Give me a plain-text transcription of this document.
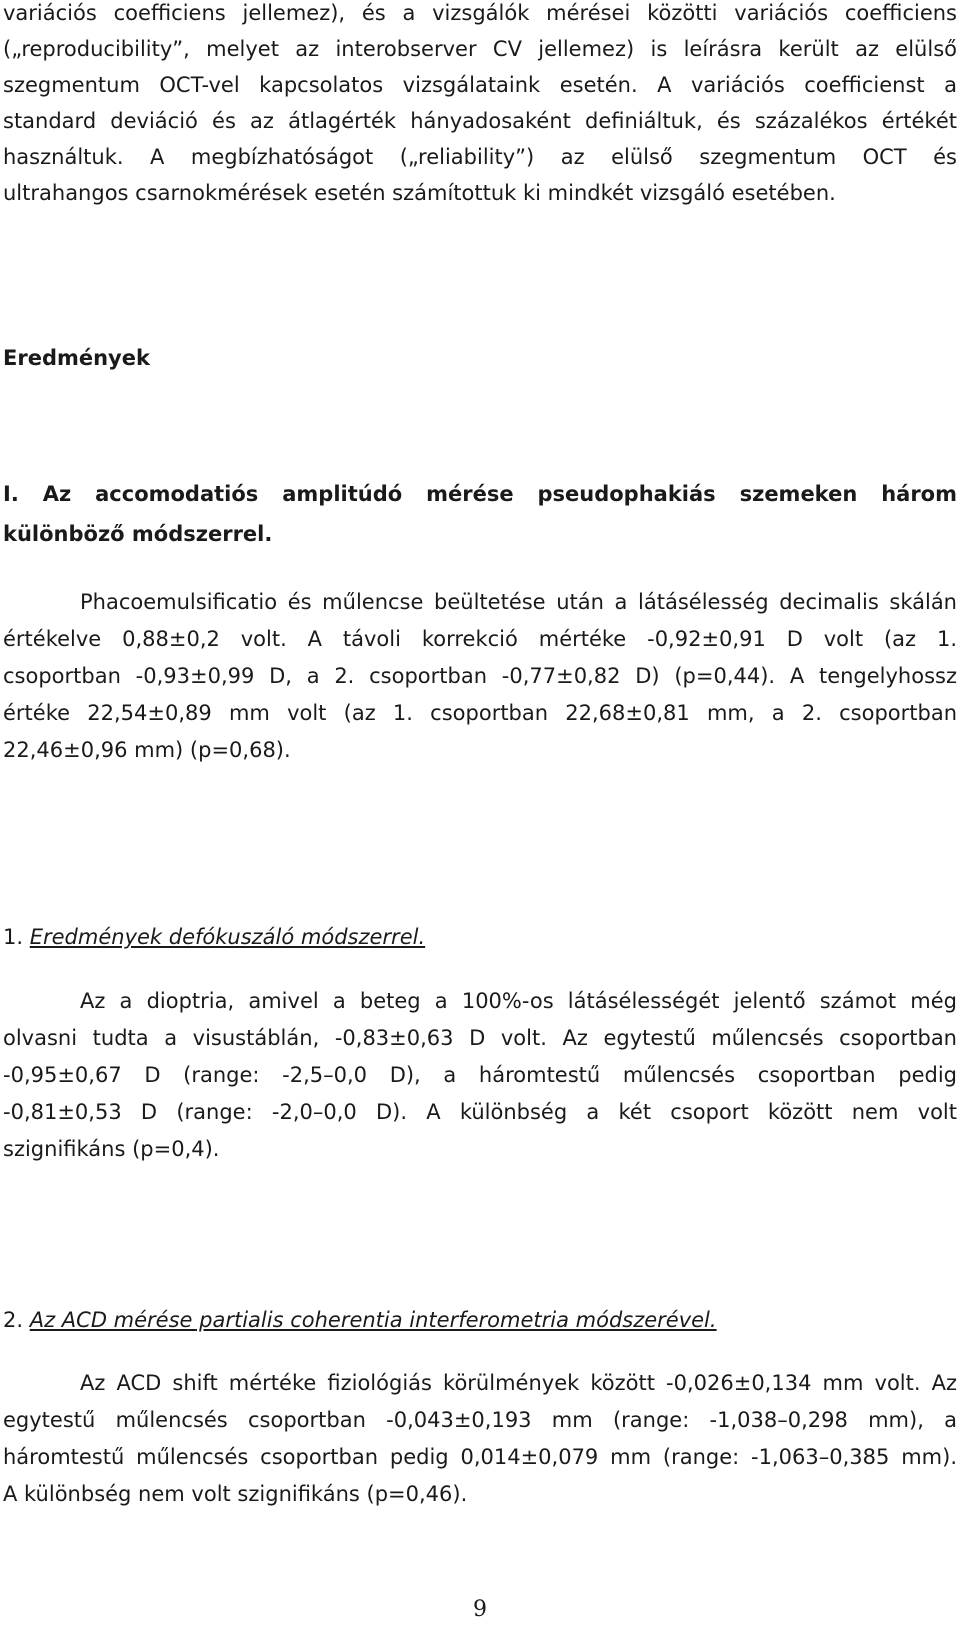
variációs coefficiens jellemez), és a vizsgálók mérései közötti variációs coefficiens
(„reproducibility”, melyet az interobserver CV jellemez) is leírásra került az elülső
szegmentum OCT-vel kapcsolatos vizsgálataink esetén. A variációs coefficienst a
standard deviáció és az átlagérték hányadosaként definiáltuk, és százalékos értékét
használtuk. A megbízhatóságot („reliability”) az elülső szegmentum OCT és
ultrahangos csarnokmérések esetén számítottuk ki mindkét vizsgáló esetében.
Eredmények
I. Az accomodatiós amplitúdó mérése pseudophakiás szemeken három
különböző módszerrel.
Phacoemulsificatio és műlencse beültetése után a látásélesség decimalis skálán
értékelve 0,88±0,2 volt. A távoli korrekció mértéke -0,92±0,91 D volt (az 1.
csoportban -0,93±0,99 D, a 2. csoportban -0,77±0,82 D) (p=0,44). A tengelyhossz
értéke 22,54±0,89 mm volt (az 1. csoportban 22,68±0,81 mm, a 2. csoportban
22,46±0,96 mm) (p=0,68).
1. Eredmények defókuszáló módszerrel.
Az a dioptria, amivel a beteg a 100%-os látásélességét jelentő számot még
olvasni tudta a visustáblán, -0,83±0,63 D volt. Az egytestű műlencsés csoportban
-0,95±0,67 D (range: -2,5–0,0 D), a háromtestű műlencsés csoportban pedig
-0,81±0,53 D (range: -2,0–0,0 D). A különbség a két csoport között nem volt
szignifikáns (p=0,4).
2. Az ACD mérése partialis coherentia interferometria módszerével.
Az ACD shift mértéke fiziológiás körülmények között -0,026±0,134 mm volt. Az
egytestű műlencsés csoportban -0,043±0,193 mm (range: -1,038–0,298 mm), a
háromtestű műlencsés csoportban pedig 0,014±0,079 mm (range: -1,063–0,385 mm).
A különbség nem volt szignifikáns (p=0,46).
9
